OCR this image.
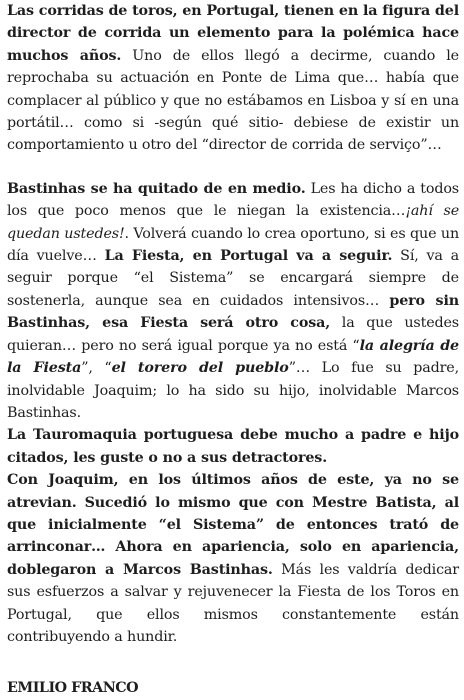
Las corridas de toros, en Portugal, tienen en la figura del director de corrida un elemento para la polémica hace muchos años. Uno de ellos llegó a decirme, cuando le reprochaba su actuación en Ponte de Lima que… había que complacer al público y que no estábamos en Lisboa y sí en una portátil… como si -según qué sitio- debiese de existir un comportamiento u otro del “director de corrida de serviço”…

Bastinhas se ha quitado de en medio. Les ha dicho a todos los que poco menos que le niegan la existencia…¡ahí se quedan ustedes!. Volverá cuando lo crea oportuno, si es que un día vuelve… La Fiesta, en Portugal va a seguir. Sí, va a seguir porque “el Sistema” se encargará siempre de sostenerla, aunque sea en cuidados intensivos… pero sin Bastinhas, esa Fiesta será otro cosa, la que ustedes quieran… pero no será igual porque ya no está “la alegría de la Fiesta”, “el torero del pueblo”… Lo fue su padre, inolvidable Joaquim; lo ha sido su hijo, inolvidable Marcos Bastinhas.

La Tauromaquia portuguesa debe mucho a padre e hijo citados, les guste o no a sus detractores.

Con Joaquim, en los últimos años de este, ya no se atrevian. Sucedió lo mismo que con Mestre Batista, al que inicialmente “el Sistema” de entonces trató de arrinconar… Ahora en apariencia, solo en apariencia, doblegaron a Marcos Bastinhas. Más les valdría dedicar sus esfuerzos a salvar y rejuvenecer la Fiesta de los Toros en Portugal, que ellos mismos constantemente están contribuyendo a hundir.

EMILIO FRANCO
